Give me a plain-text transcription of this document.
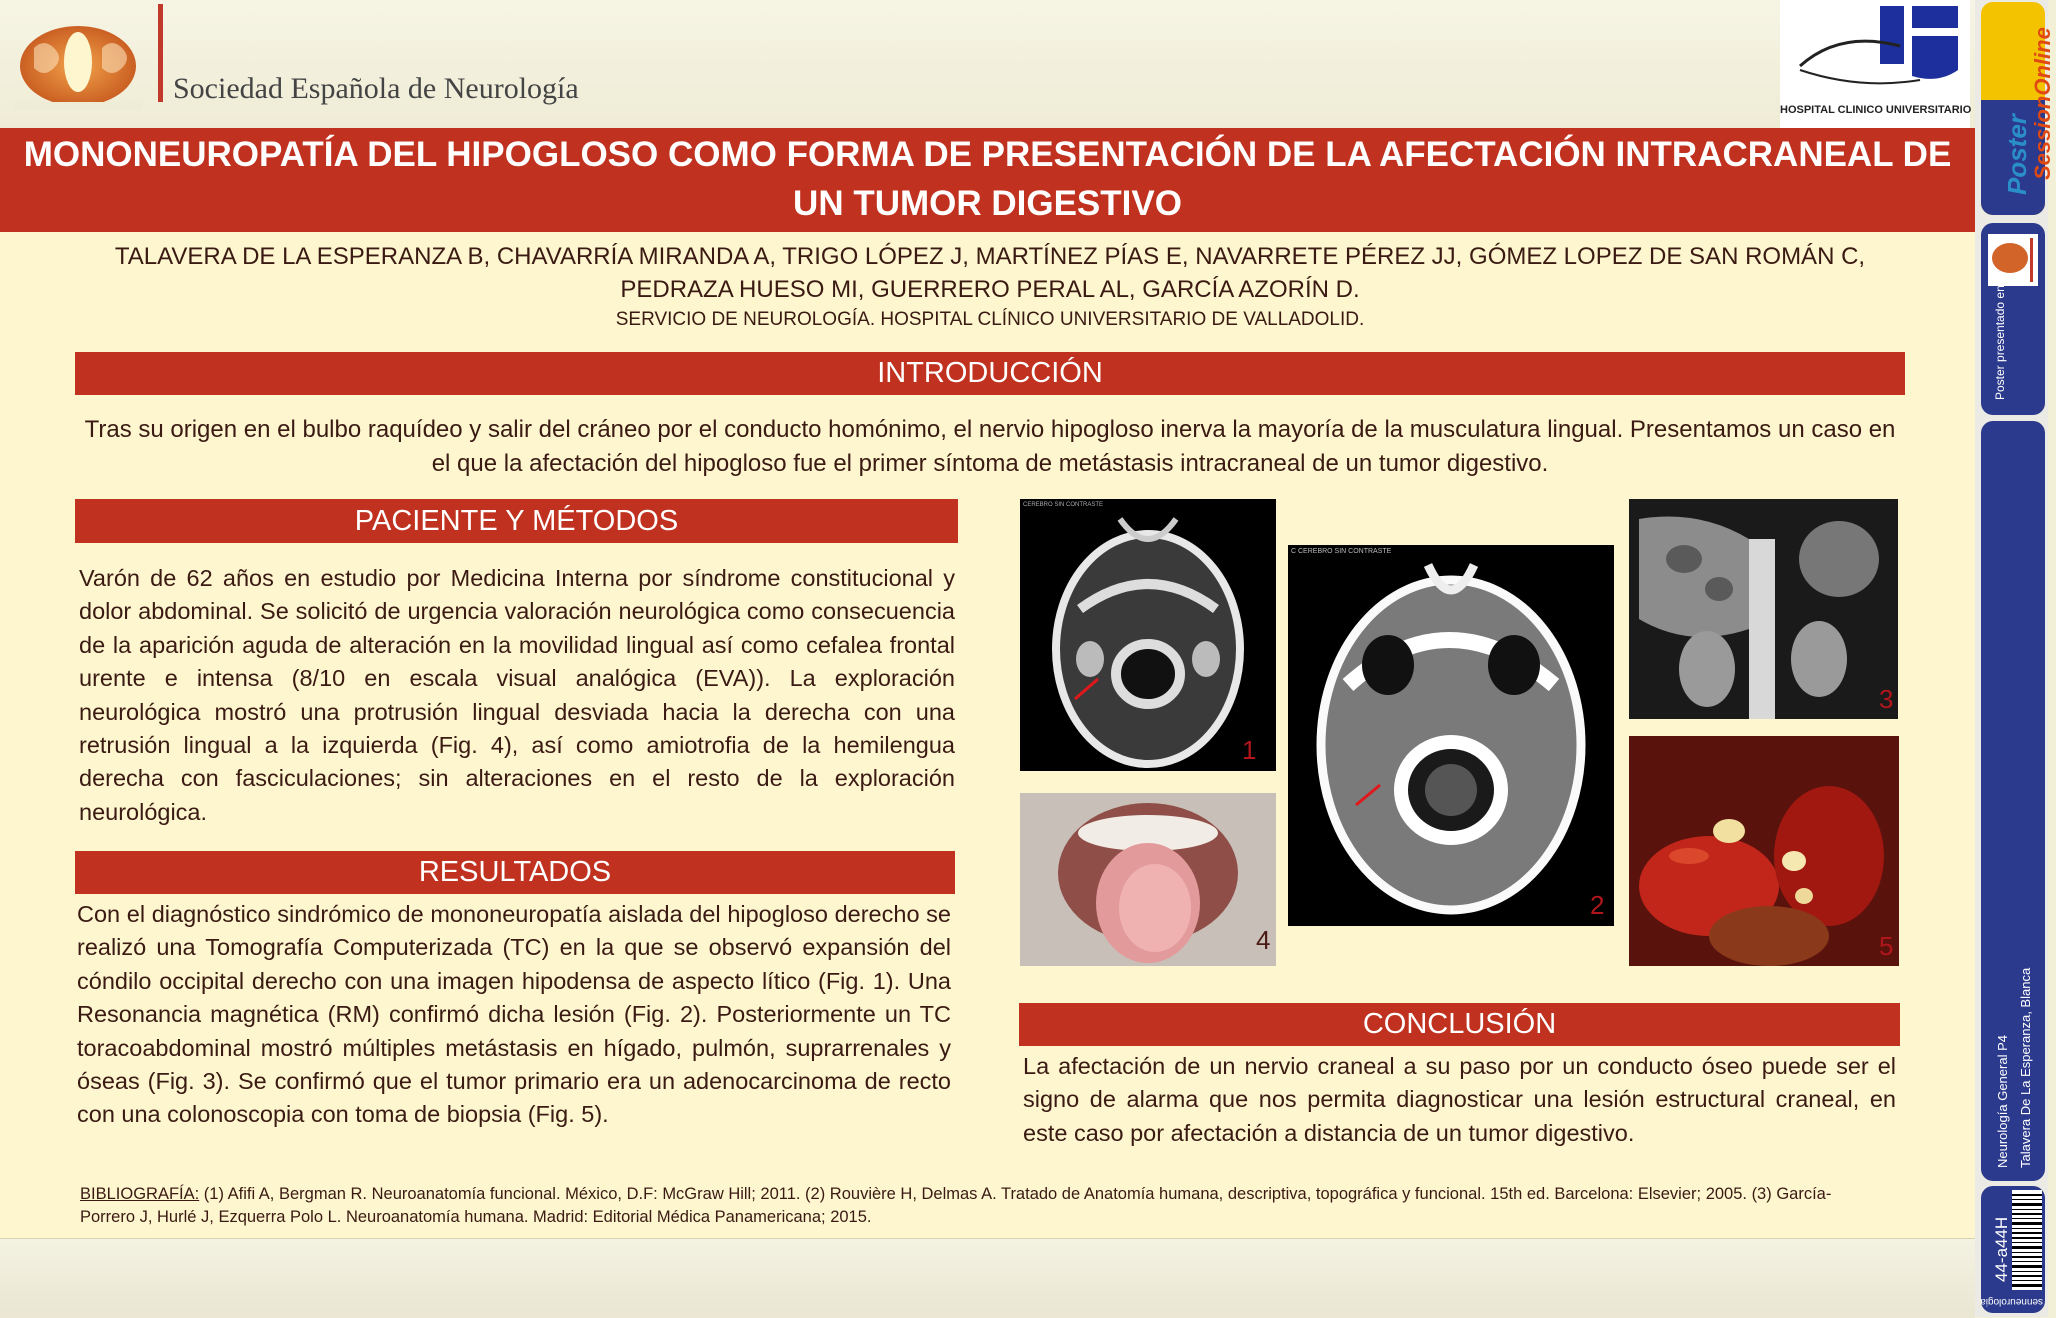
Sociedad Española de Neurología
HOSPITAL CLINICO UNIVERSITARIO
MONONEUROPATÍA DEL HIPOGLOSO COMO FORMA DE PRESENTACIÓN DE LA AFECTACIÓN INTRACRANEAL DE UN TUMOR DIGESTIVO
TALAVERA DE LA ESPERANZA B, CHAVARRÍA MIRANDA A, TRIGO LÓPEZ J, MARTÍNEZ PÍAS E, NAVARRETE PÉREZ JJ, GÓMEZ LOPEZ DE SAN ROMÁN C, PEDRAZA HUESO MI, GUERRERO PERAL AL, GARCÍA AZORÍN D.
SERVICIO DE NEUROLOGÍA. HOSPITAL CLÍNICO UNIVERSITARIO DE VALLADOLID.
INTRODUCCIÓN
Tras su origen en el bulbo raquídeo y salir del cráneo por el conducto homónimo, el nervio hipogloso inerva la mayoría de la musculatura lingual. Presentamos un caso en el que la afectación del hipogloso fue el primer síntoma de metástasis intracraneal de un tumor digestivo.
PACIENTE Y MÉTODOS
Varón de 62 años en estudio por Medicina Interna por síndrome constitucional y dolor abdominal. Se solicitó de urgencia valoración neurológica como consecuencia de la aparición aguda de alteración en la movilidad lingual así como cefalea frontal urente e intensa (8/10 en escala visual analógica (EVA)). La exploración neurológica mostró una protrusión lingual desviada hacia la derecha con una retrusión lingual a la izquierda (Fig. 4), así como amiotrofia de la hemilengua derecha con fasciculaciones; sin alteraciones en el resto de la exploración neurológica.
RESULTADOS
Con el diagnóstico sindrómico de mononeuropatía aislada del hipogloso derecho se realizó una Tomografía Computerizada (TC) en la que se observó expansión del cóndilo occipital derecho con una imagen hipodensa de aspecto lítico (Fig. 1). Una Resonancia magnética (RM) confirmó dicha lesión (Fig. 2). Posteriormente un TC toracoabdominal mostró múltiples metástasis en hígado, pulmón, suprarrenales y óseas (Fig. 3). Se confirmó que el tumor primario era un adenocarcinoma de recto con una colonoscopia con toma de biopsia (Fig. 5).
CEREBRO SIN CONTRASTE
1
4
C CEREBRO SIN CONTRASTE
2
3
5
CONCLUSIÓN
La afectación de un nervio craneal a su paso por un conducto óseo puede ser el signo de alarma que nos permita diagnosticar una lesión estructural craneal, en este caso por afectación a distancia de un tumor digestivo.
BIBLIOGRAFÍA: (1) Afifi A, Bergman R. Neuroanatomía funcional. México, D.F: McGraw Hill; 2011. (2) Rouvière H, Delmas A. Tratado de Anatomía humana, descriptiva, topográfica y funcional. 15th ed. Barcelona: Elsevier; 2005. (3) García-Porrero J, Hurlé J, Ezquerra Polo L. Neuroanatomía humana. Madrid: Editorial Médica Panamericana; 2015.
Poster
SessionOnline
Poster presentado en:
Neurología General P4 Talavera De La Esperanza, Blanca
44-a44H
senneurologia
